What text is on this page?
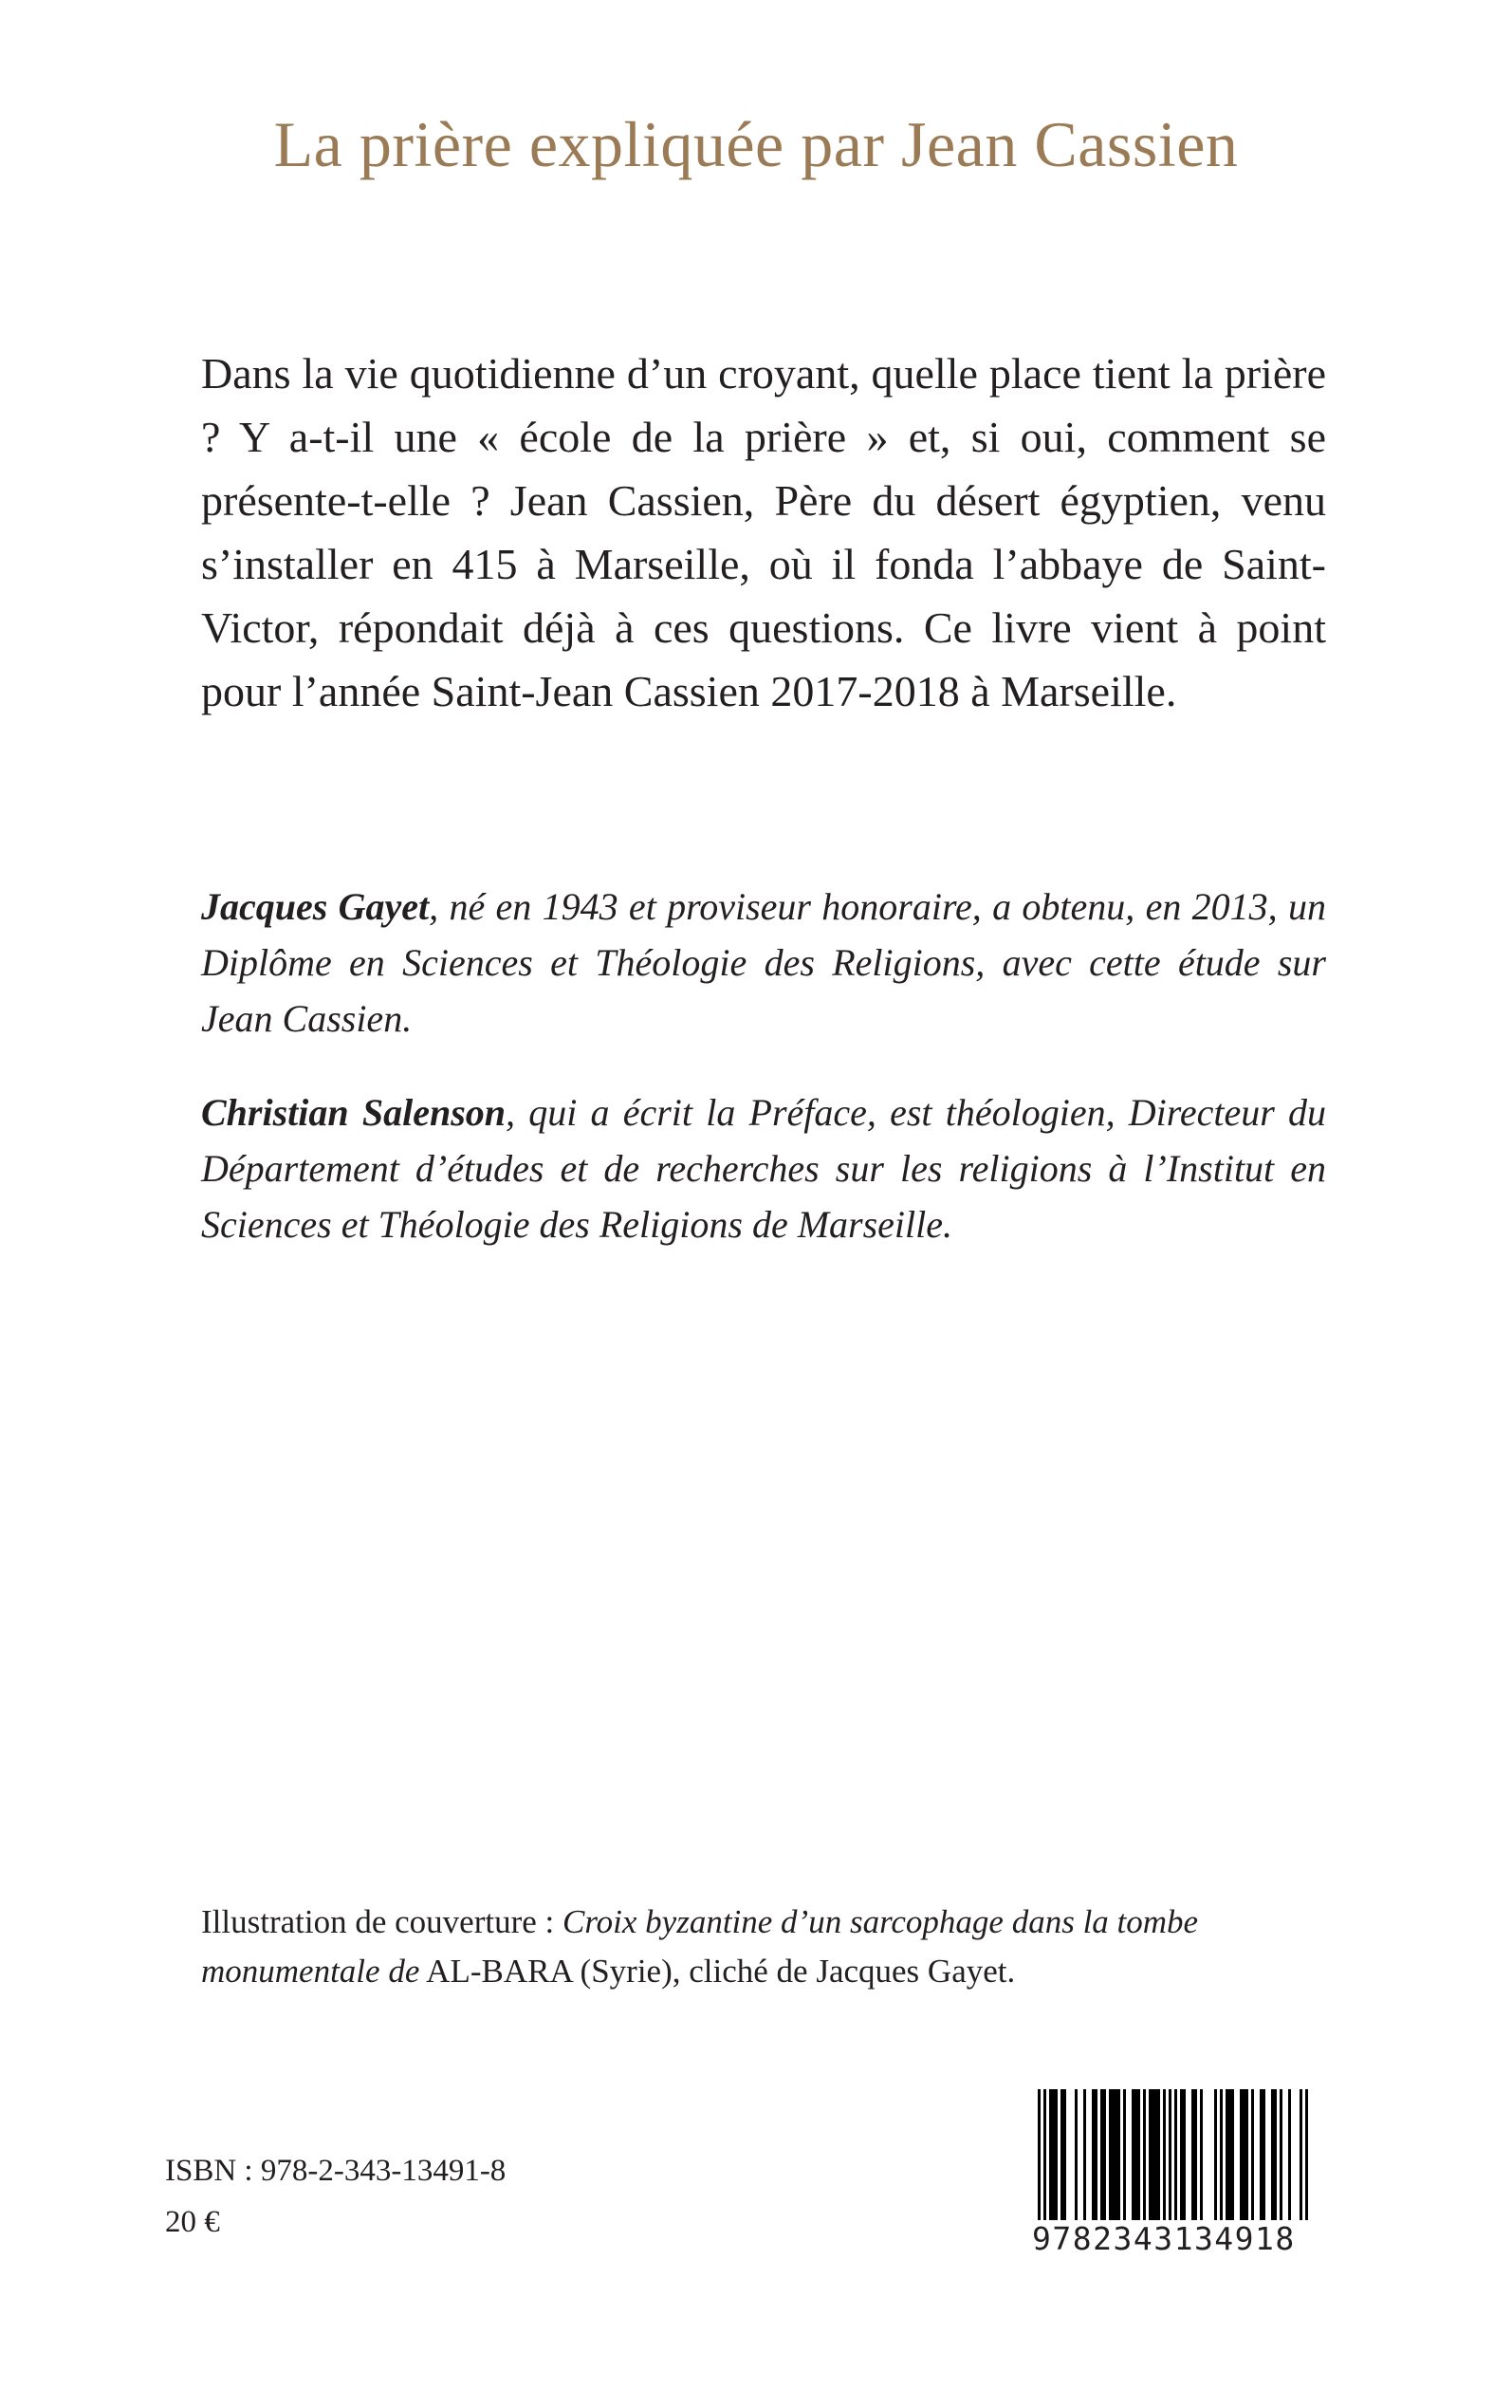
La prière expliquée par Jean Cassien

Dans la vie quotidienne d’un croyant, quelle place tient la prière ? Y a-t-il une « école de la prière » et, si oui, comment se présente-t-elle ? Jean Cassien, Père du désert égyptien, venu s’installer en 415 à Marseille, où il fonda l’abbaye de Saint-Victor, répondait déjà à ces questions. Ce livre vient à point pour l’année Saint-Jean Cassien 2017-2018 à Marseille.

Jacques Gayet, né en 1943 et proviseur honoraire, a obtenu, en 2013, un Diplôme en Sciences et Théologie des Religions, avec cette étude sur Jean Cassien.

Christian Salenson, qui a écrit la Préface, est théologien, Directeur du Département d’études et de recherches sur les religions à l’Institut en Sciences et Théologie des Religions de Marseille.

Illustration de couverture : Croix byzantine d’un sarcophage dans la tombe monumentale de AL-BARA (Syrie), cliché de Jacques Gayet.

ISBN : 978-2-343-13491-8
20 €	9782343134918
